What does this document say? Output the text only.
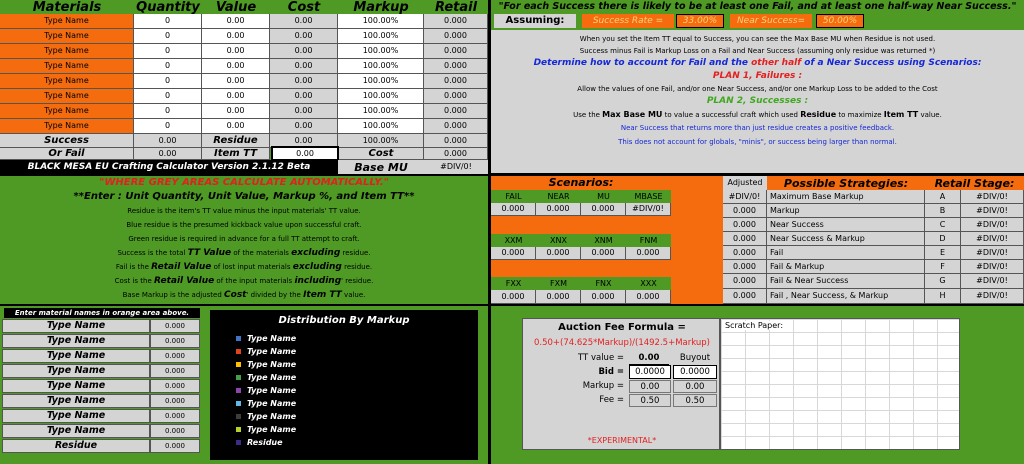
Materials	Quantity	Value	Cost	Markup	Retail
Type Name	0	0.00	0.00	100.00%	0.000
Type Name	0	0.00	0.00	100.00%	0.000
Type Name	0	0.00	0.00	100.00%	0.000
Type Name	0	0.00	0.00	100.00%	0.000
Type Name	0	0.00	0.00	100.00%	0.000
Type Name	0	0.00	0.00	100.00%	0.000
Type Name	0	0.00	0.00	100.00%	0.000
Type Name	0	0.00	0.00	100.00%	0.000
Success	0.00	Residue	0.00	100.00%	0.000
Or Fail	0.00	Item TT	0.00	Cost	0.000
BLACK MESA EU Crafting Calculator Version 2.1.12 Beta	Base MU	#DIV/0!
"For each Success there is likely to be at least one Fail, and at least one half-way Near Success."
Assuming:	Success Rate =	33.00%	Near Success=	50.00%
When you set the Item TT equal to Success, you can see the Max Base MU when Residue is not used.
Success minus Fail is Markup Loss on a Fail and Near Success (assuming only residue was returned *)
Determine how to account for Fail and the other half of a Near Success using Scenarios:
PLAN 1, Failures :
Allow the values of one Fail, and/or one Near Success, and/or one Markup Loss to be added to the Cost
PLAN 2, Successes :
Use the Max Base MU to value a successful craft which used Residue to maximize Item TT value.
Near Success that returns more than just residue creates a positive feedback.
This does not account for globals, "minis", or success being larger than normal.
"WHERE GREY AREAS CALCULATE AUTOMATICALLY."
**Enter : Unit Quantity, Unit Value, Markup %, and Item TT**
Residue is the item's TT value minus the input materials' TT value.
Blue residue is the presumed kickback value upon successful craft.
Green residue is required in advance for a full TT attempt to craft.
Success is the total TT Value of the materials excluding residue.
Fail is the Retail Value of lost input materials excluding residue.
Cost is the Retail Value of the input materials including' residue.
Base Markup is the adjusted Cost' divided by the Item TT value.
Scenarios:
FAIL	NEAR	MU	MBASE
0.000	0.000	0.000	#DIV/0!
XXM	XNX	XNM	FNM
0.000	0.000	0.000	0.000
FXX	FXM	FNX	XXX
0.000	0.000	0.000	0.000
Adjusted	Possible Strategies:	Retail Stage:
#DIV/0!	Maximum Base Markup	A	#DIV/0!
0.000	Markup	B	#DIV/0!
0.000	Near Success	C	#DIV/0!
0.000	Near Success & Markup	D	#DIV/0!
0.000	Fail	E	#DIV/0!
0.000	Fail & Markup	F	#DIV/0!
0.000	Fail & Near Success	G	#DIV/0!
0.000	Fail , Near Success, & Markup	H	#DIV/0!
Enter material names in orange area above.
Type Name	0.000
Type Name	0.000
Type Name	0.000
Type Name	0.000
Type Name	0.000
Type Name	0.000
Type Name	0.000
Type Name	0.000
Residue	0.000
Distribution By Markup
Type Name
Type Name
Type Name
Type Name
Type Name
Type Name
Type Name
Type Name
Residue
Auction Fee Formula =
0.50+(74.625*Markup)/(1492.5+Markup)
TT value =	0.00	Buyout
Bid =	0.0000	0.0000
Markup =	0.00	0.00
Fee =	0.50	0.50
*EXPERIMENTAL*
Scratch Paper:
